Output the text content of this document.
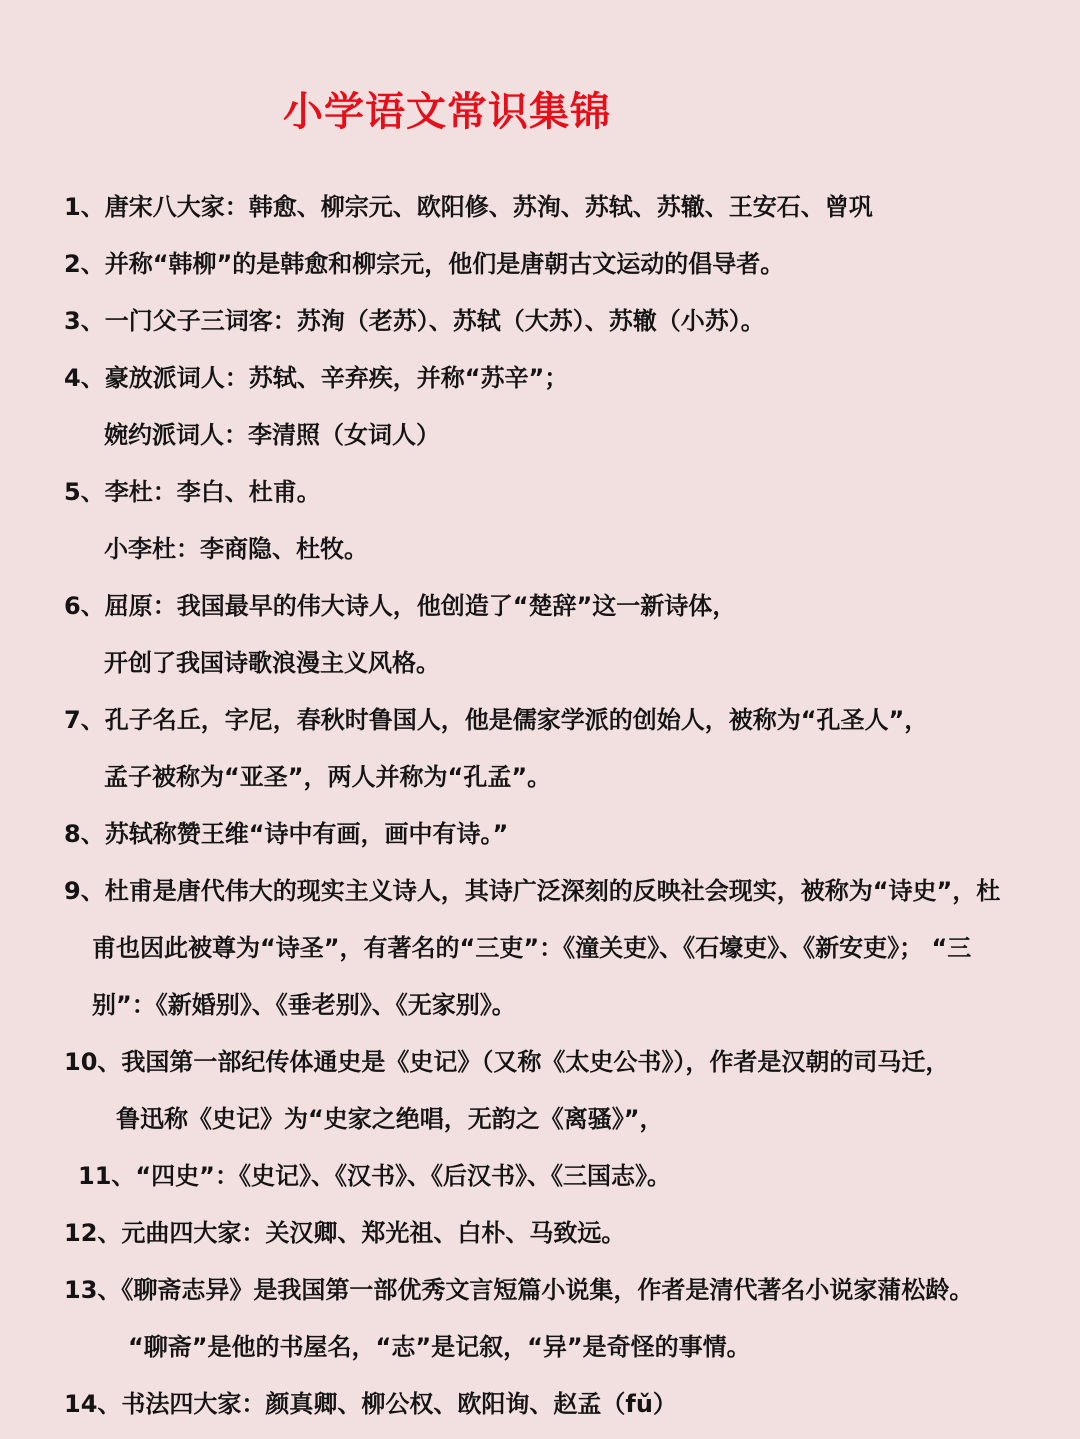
小学语文常识集锦
1、唐宋八大家：韩愈、柳宗元、欧阳修、苏洵、苏轼、苏辙、王安石、曾巩
2、并称“韩柳”的是韩愈和柳宗元，他们是唐朝古文运动的倡导者。
3、一门父子三词客：苏洵（老苏）、苏轼（大苏）、苏辙（小苏）。
4、豪放派词人：苏轼、辛弃疾，并称“苏辛”；
婉约派词人：李清照（女词人）
5、李杜：李白、杜甫。
小李杜：李商隐、杜牧。
6、屈原：我国最早的伟大诗人，他创造了“楚辞”这一新诗体，
开创了我国诗歌浪漫主义风格。
7、孔子名丘，字尼，春秋时鲁国人，他是儒家学派的创始人，被称为“孔圣人”，
孟子被称为“亚圣”，两人并称为“孔孟”。
8、苏轼称赞王维“诗中有画，画中有诗。”
9、杜甫是唐代伟大的现实主义诗人，其诗广泛深刻的反映社会现实，被称为“诗史”，杜
甫也因此被尊为“诗圣”，有著名的“三吏”：《潼关吏》、《石壕吏》、《新安吏》； “三
别”：《新婚别》、《垂老别》、《无家别》。
10、我国第一部纪传体通史是《史记》（又称《太史公书》），作者是汉朝的司马迁，
鲁迅称《史记》为“史家之绝唱，无韵之《离骚》”，
11、“四史”：《史记》、《汉书》、《后汉书》、《三国志》。
12、元曲四大家：关汉卿、郑光祖、白朴、马致远。
13、《聊斋志异》是我国第一部优秀文言短篇小说集，作者是清代著名小说家蒲松龄。
“聊斋”是他的书屋名，“志”是记叙，“异”是奇怪的事情。
14、书法四大家：颜真卿、柳公权、欧阳询、赵孟（fǔ）
